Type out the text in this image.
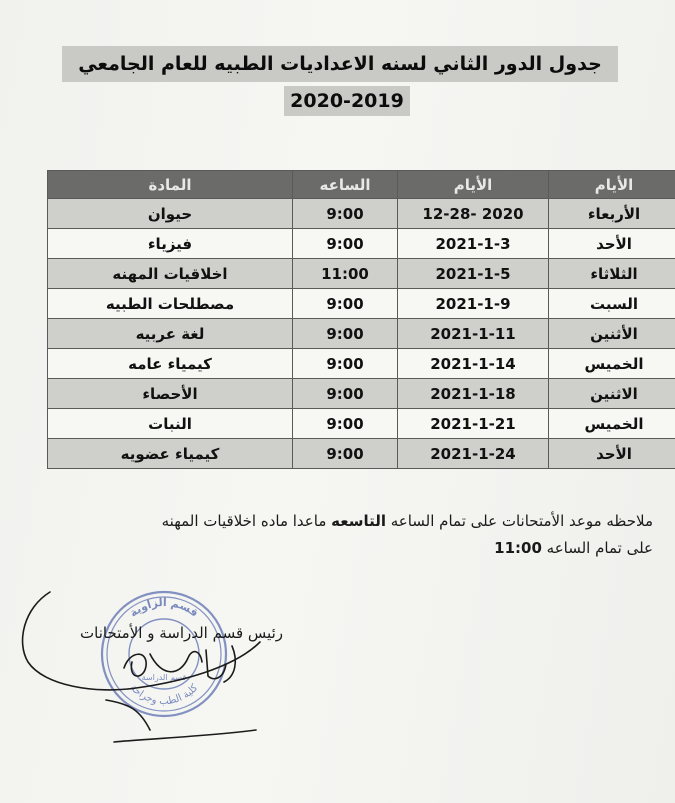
جدول الدور الثاني لسنه الاعداديات الطبيه للعام الجامعي
2020-2019
الأيام	الأيام	الساعه	المادة
الأربعاء	2020 -12-28	9:00	حيوان
الأحد	2021-1-3	9:00	فيزياء
الثلاثاء	2021-1-5	11:00	اخلاقيات المهنه
السبت	2021-1-9	9:00	مصطلحات الطبيه
الأثنين	2021-1-11	9:00	لغة عربيه
الخميس	2021-1-14	9:00	كيمياء عامه
الاثنين	2021-1-18	9:00	الأحصاء
الخميس	2021-1-21	9:00	النبات
الأحد	2021-1-24	9:00	كيمياء عضويه
ملاحظه موعد الأمتحانات على تمام الساعه التاسعه ماعدا ماده اخلاقيات المهنه
على تمام الساعه 11:00
قسم الزاوية
كلية الطب وجراحة
قسم الدراسة
رئيس قسم الدراسة و الأمتحانات
